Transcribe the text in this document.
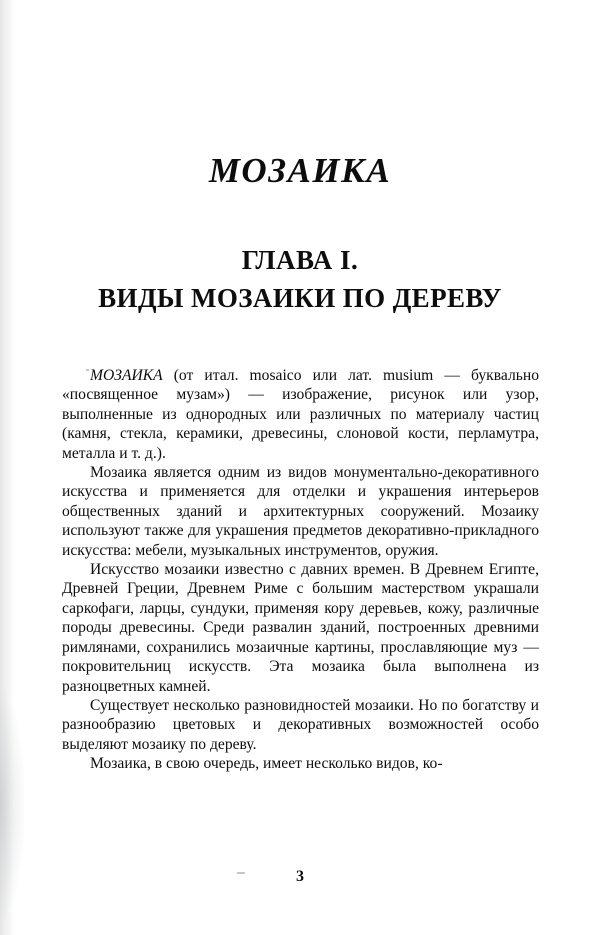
МОЗАИКА
ГЛАВА I.
ВИДЫ МОЗАИКИ ПО ДЕРЕВУ

МОЗАИКА (от итал. mosaico или лат. musium — буквально «посвященное музам») — изображение, рисунок или узор, выполненные из однородных или различных по материалу частиц (камня, стекла, керамики, древесины, слоновой кости, перламутра, металла и т. д.).

Мозаика является одним из видов монументально-декоративного искусства и применяется для отделки и украшения интерьеров общественных зданий и архитектурных сооружений. Мозаику используют также для украшения предметов декоративно-прикладного искусства: мебели, музыкальных инструментов, оружия.

Искусство мозаики известно с давних времен. В Древнем Египте, Древней Греции, Древнем Риме с большим мастерством украшали саркофаги, ларцы, сундуки, применяя кору деревьев, кожу, различные породы древесины. Среди развалин зданий, построенных древними римлянами, сохранились мозаичные картины, прославляющие муз — покровительниц искусств. Эта мозаика была выполнена из разноцветных камней.

Существует несколько разновидностей мозаики. Но по богатству и разнообразию цветовых и декоративных возможностей особо выделяют мозаику по дереву.

Мозаика, в свою очередь, имеет несколько видов, ко-

3
